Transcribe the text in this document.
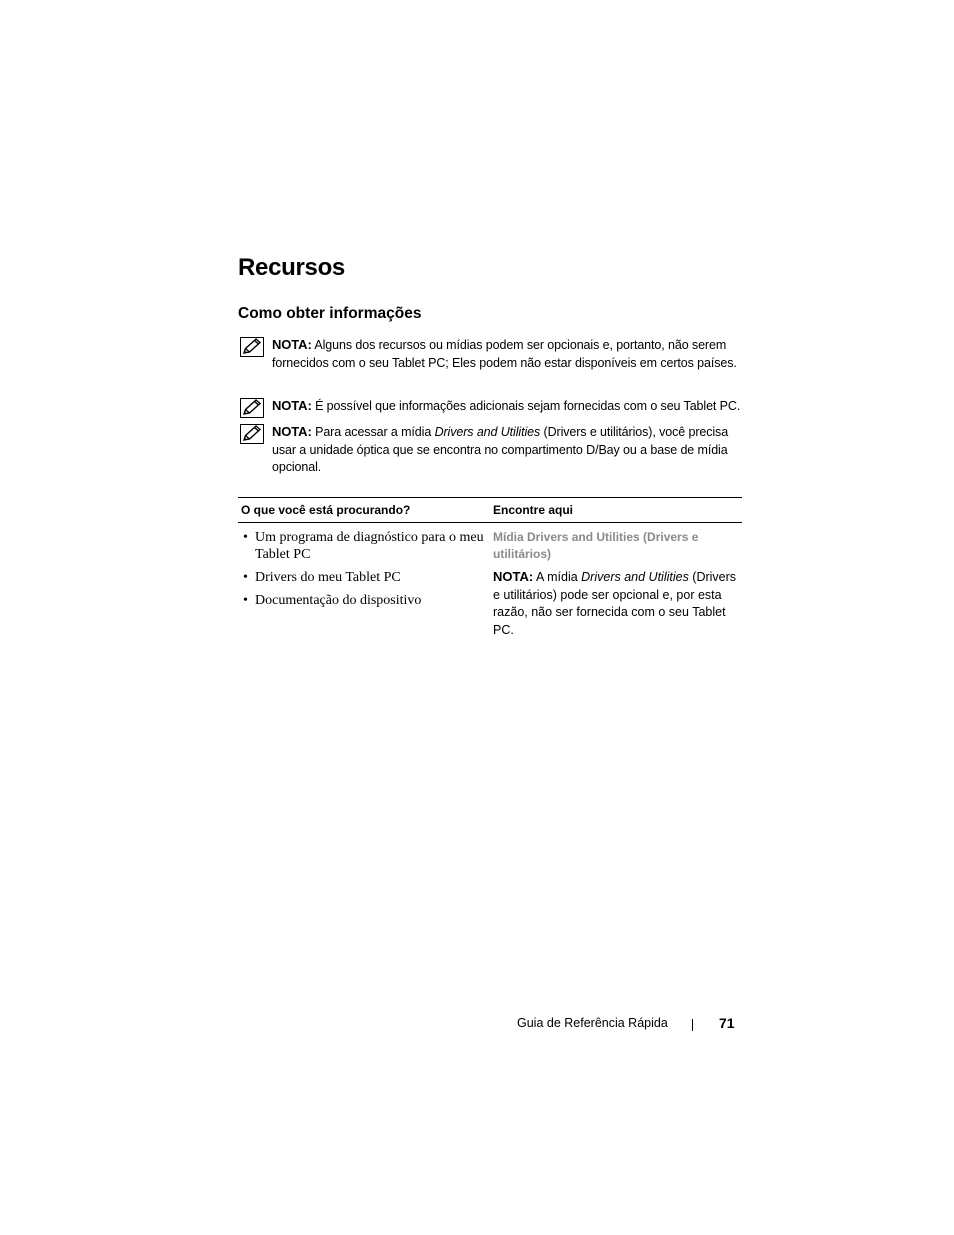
Recursos
Como obter informações
NOTA: Alguns dos recursos ou mídias podem ser opcionais e, portanto, não serem fornecidos com o seu Tablet PC; Eles podem não estar disponíveis em certos países.
NOTA: É possível que informações adicionais sejam fornecidas com o seu Tablet PC.
NOTA: Para acessar a mídia Drivers and Utilities (Drivers e utilitários), você precisa usar a unidade óptica que se encontra no compartimento D/Bay ou a base de mídia opcional.
O que você está procurando?	Encontre aqui
• Um programa de diagnóstico para o meu Tablet PC
• Drivers do meu Tablet PC
• Documentação do dispositivo
Mídia Drivers and Utilities (Drivers e utilitários)
NOTA: A mídia Drivers and Utilities (Drivers e utilitários) pode ser opcional e, por esta razão, não ser fornecida com o seu Tablet PC.
Guia de Referência Rápida	71
